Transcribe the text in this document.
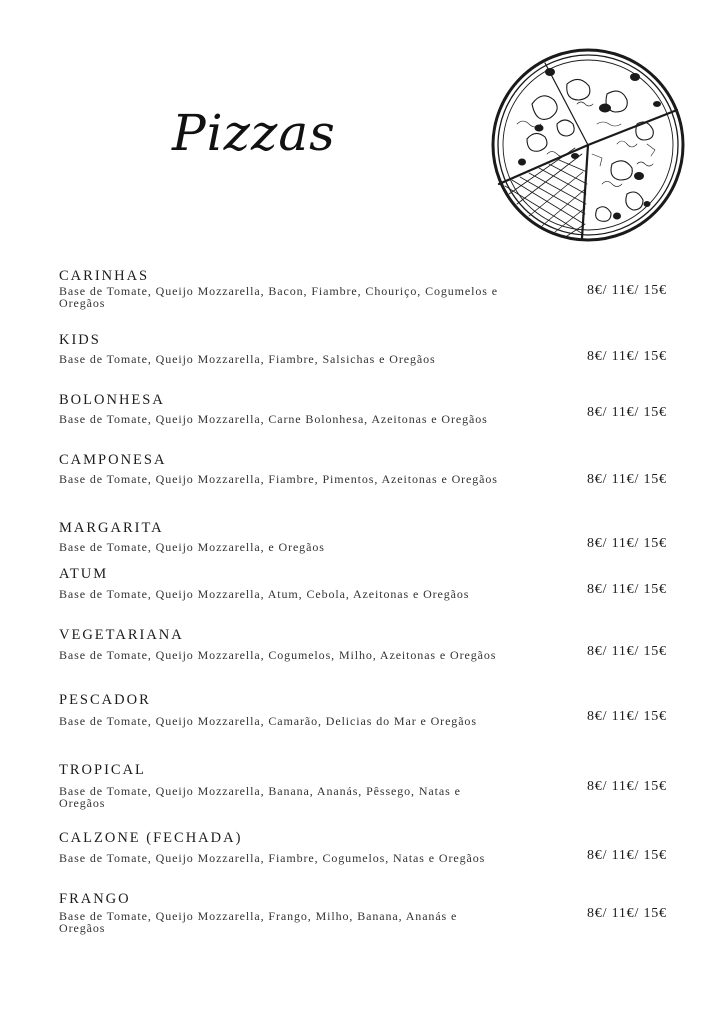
Pizzas
CARINHAS
Base de Tomate, Queijo Mozzarella, Bacon, Fiambre, Chouriço, Cogumelos e Oregãos
8€/ 11€/ 15€
KIDS
Base de Tomate, Queijo Mozzarella, Fiambre, Salsichas e Oregãos	8€/ 11€/ 15€
BOLONHESA
Base de Tomate, Queijo Mozzarella, Carne Bolonhesa, Azeitonas e Oregãos	8€/ 11€/ 15€
CAMPONESA
Base de Tomate, Queijo Mozzarella, Fiambre, Pimentos, Azeitonas e Oregãos	8€/ 11€/ 15€
MARGARITA
Base de Tomate, Queijo Mozzarella, e Oregãos	8€/ 11€/ 15€
ATUM
Base de Tomate, Queijo Mozzarella, Atum, Cebola, Azeitonas e Oregãos	8€/ 11€/ 15€
VEGETARIANA
Base de Tomate, Queijo Mozzarella, Cogumelos, Milho, Azeitonas e Oregãos	8€/ 11€/ 15€
PESCADOR
Base de Tomate, Queijo Mozzarella, Camarão, Delicias do Mar e Oregãos	8€/ 11€/ 15€
TROPICAL
Base de Tomate, Queijo Mozzarella, Banana, Ananás, Pêssego, Natas e Oregãos
8€/ 11€/ 15€
CALZONE (FECHADA)
Base de Tomate, Queijo Mozzarella, Fiambre, Cogumelos, Natas e Oregãos	8€/ 11€/ 15€
FRANGO
Base de Tomate, Queijo Mozzarella, Frango, Milho, Banana, Ananás e Oregãos
8€/ 11€/ 15€
